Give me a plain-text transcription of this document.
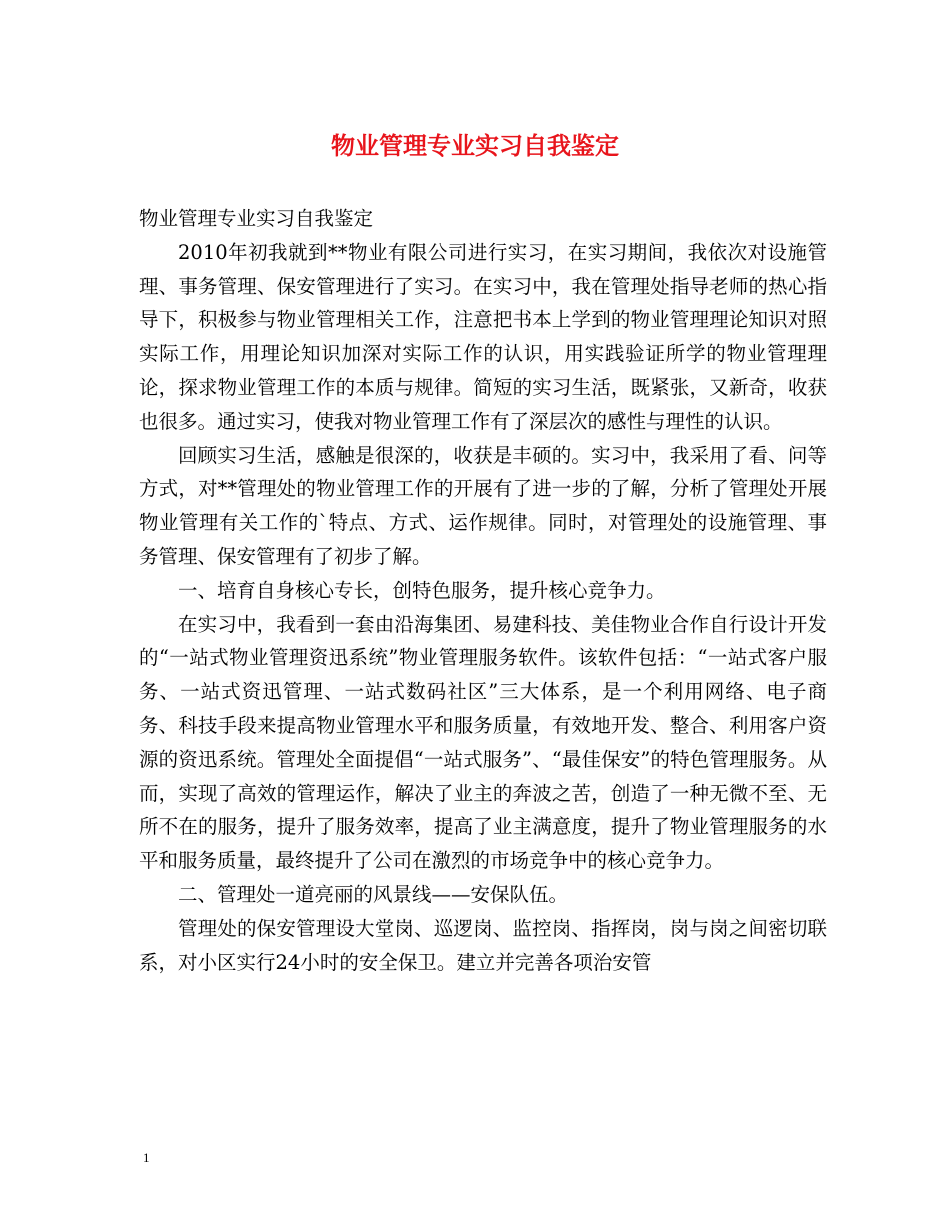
物业管理专业实习自我鉴定

物业管理专业实习自我鉴定

2010年初我就到**物业有限公司进行实习，在实习期间，我依次对设施管理、事务管理、保安管理进行了实习。在实习中，我在管理处指导老师的热心指导下，积极参与物业管理相关工作，注意把书本上学到的物业管理理论知识对照实际工作，用理论知识加深对实际工作的认识，用实践验证所学的物业管理理论，探求物业管理工作的本质与规律。简短的实习生活，既紧张，又新奇，收获也很多。通过实习，使我对物业管理工作有了深层次的感性与理性的认识。

回顾实习生活，感触是很深的，收获是丰硕的。实习中，我采用了看、问等方式，对**管理处的物业管理工作的开展有了进一步的了解，分析了管理处开展物业管理有关工作的`特点、方式、运作规律。同时，对管理处的设施管理、事务管理、保安管理有了初步了解。

一、培育自身核心专长，创特色服务，提升核心竞争力。

在实习中，我看到一套由沿海集团、易建科技、美佳物业合作自行设计开发的“一站式物业管理资迅系统”物业管理服务软件。该软件包括：“一站式客户服务、一站式资迅管理、一站式数码社区”三大体系，是一个利用网络、电子商务、科技手段来提高物业管理水平和服务质量，有效地开发、整合、利用客户资源的资迅系统。管理处全面提倡“一站式服务”、“最佳保安”的特色管理服务。从而，实现了高效的管理运作，解决了业主的奔波之苦，创造了一种无微不至、无所不在的服务，提升了服务效率，提高了业主满意度，提升了物业管理服务的水平和服务质量，最终提升了公司在激烈的市场竞争中的核心竞争力。

二、管理处一道亮丽的风景线——安保队伍。

管理处的保安管理设大堂岗、巡逻岗、监控岗、指挥岗，岗与岗之间密切联系，对小区实行24小时的安全保卫。建立并完善各项治安管

1
